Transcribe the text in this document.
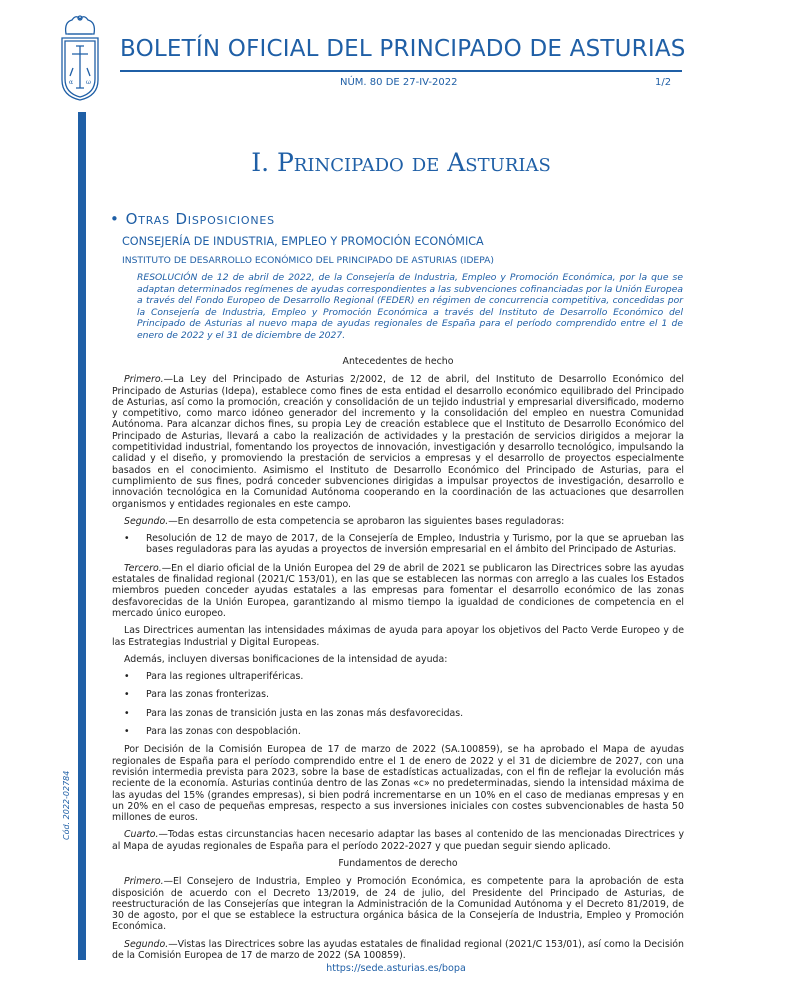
α ω
BOLETÍN OFICIAL DEL PRINCIPADO DE ASTURIAS
NÚM. 80 DE 27-IV-2022	1/2
Cód. 2022-02784
I. Principado de Asturias
• Otras Disposiciones
CONSEJERÍA DE INDUSTRIA, EMPLEO Y PROMOCIÓN ECONÓMICA
INSTITUTO DE DESARROLLO ECONÓMICO DEL PRINCIPADO DE ASTURIAS (IDEPA)
RESOLUCIÓN de 12 de abril de 2022, de la Consejería de Industria, Empleo y Promoción Económica, por la que se adaptan determinados regímenes de ayudas correspondientes a las subvenciones cofinanciadas por la Unión Europea a través del Fondo Europeo de Desarrollo Regional (FEDER) en régimen de concurrencia competitiva, concedidas por la Consejería de Industria, Empleo y Promoción Económica a través del Instituto de Desarrollo Económico del Principado de Asturias al nuevo mapa de ayudas regionales de España para el período comprendido entre el 1 de enero de 2022 y el 31 de diciembre de 2027.

Antecedentes de hecho

Primero.—La Ley del Principado de Asturias 2/2002, de 12 de abril, del Instituto de Desarrollo Económico del Principado de Asturias (Idepa), establece como fines de esta entidad el desarrollo económico equilibrado del Principado de Asturias, así como la promoción, creación y consolidación de un tejido industrial y empresarial diversificado, moderno y competitivo, como marco idóneo generador del incremento y la consolidación del empleo en nuestra Comunidad Autónoma. Para alcanzar dichos fines, su propia Ley de creación establece que el Instituto de Desarrollo Económico del Principado de Asturias, llevará a cabo la realización de actividades y la prestación de servicios dirigidos a mejorar la competitividad industrial, fomentando los proyectos de innovación, investigación y desarrollo tecnológico, impulsando la calidad y el diseño, y promoviendo la prestación de servicios a empresas y el desarrollo de proyectos especialmente basados en el conocimiento. Asimismo el Instituto de Desarrollo Económico del Principado de Asturias, para el cumplimiento de sus fines, podrá conceder subvenciones dirigidas a impulsar proyectos de investigación, desarrollo e innovación tecnológica en la Comunidad Autónoma cooperando en la coordinación de las actuaciones que desarrollen organismos y entidades regionales en este campo.

Segundo.—En desarrollo de esta competencia se aprobaron las siguientes bases reguladoras:

• Resolución de 12 de mayo de 2017, de la Consejería de Empleo, Industria y Turismo, por la que se aprueban las bases reguladoras para las ayudas a proyectos de inversión empresarial en el ámbito del Principado de Asturias.

Tercero.—En el diario oficial de la Unión Europea del 29 de abril de 2021 se publicaron las Directrices sobre las ayudas estatales de finalidad regional (2021/C 153/01), en las que se establecen las normas con arreglo a las cuales los Estados miembros pueden conceder ayudas estatales a las empresas para fomentar el desarrollo económico de las zonas desfavorecidas de la Unión Europea, garantizando al mismo tiempo la igualdad de condiciones de competencia en el mercado único europeo.

Las Directrices aumentan las intensidades máximas de ayuda para apoyar los objetivos del Pacto Verde Europeo y de las Estrategias Industrial y Digital Europeas.

Además, incluyen diversas bonificaciones de la intensidad de ayuda:

• Para las regiones ultraperiféricas.
• Para las zonas fronterizas.
• Para las zonas de transición justa en las zonas más desfavorecidas.
• Para las zonas con despoblación.

Por Decisión de la Comisión Europea de 17 de marzo de 2022 (SA.100859), se ha aprobado el Mapa de ayudas regionales de España para el período comprendido entre el 1 de enero de 2022 y el 31 de diciembre de 2027, con una revisión intermedia prevista para 2023, sobre la base de estadísticas actualizadas, con el fin de reflejar la evolución más reciente de la economía. Asturias continúa dentro de las Zonas «c» no predeterminadas, siendo la intensidad máxima de las ayudas del 15% (grandes empresas), si bien podrá incrementarse en un 10% en el caso de medianas empresas y en un 20% en el caso de pequeñas empresas, respecto a sus inversiones iniciales con costes subvencionables de hasta 50 millones de euros.

Cuarto.—Todas estas circunstancias hacen necesario adaptar las bases al contenido de las mencionadas Directrices y al Mapa de ayudas regionales de España para el período 2022-2027 y que puedan seguir siendo aplicado.

Fundamentos de derecho

Primero.—El Consejero de Industria, Empleo y Promoción Económica, es competente para la aprobación de esta disposición de acuerdo con el Decreto 13/2019, de 24 de julio, del Presidente del Principado de Asturias, de reestructuración de las Consejerías que integran la Administración de la Comunidad Autónoma y el Decreto 81/2019, de 30 de agosto, por el que se establece la estructura orgánica básica de la Consejería de Industria, Empleo y Promoción Económica.

Segundo.—Vistas las Directrices sobre las ayudas estatales de finalidad regional (2021/C 153/01), así como la Decisión de la Comisión Europea de 17 de marzo de 2022 (SA 100859).

https://sede.asturias.es/bopa
